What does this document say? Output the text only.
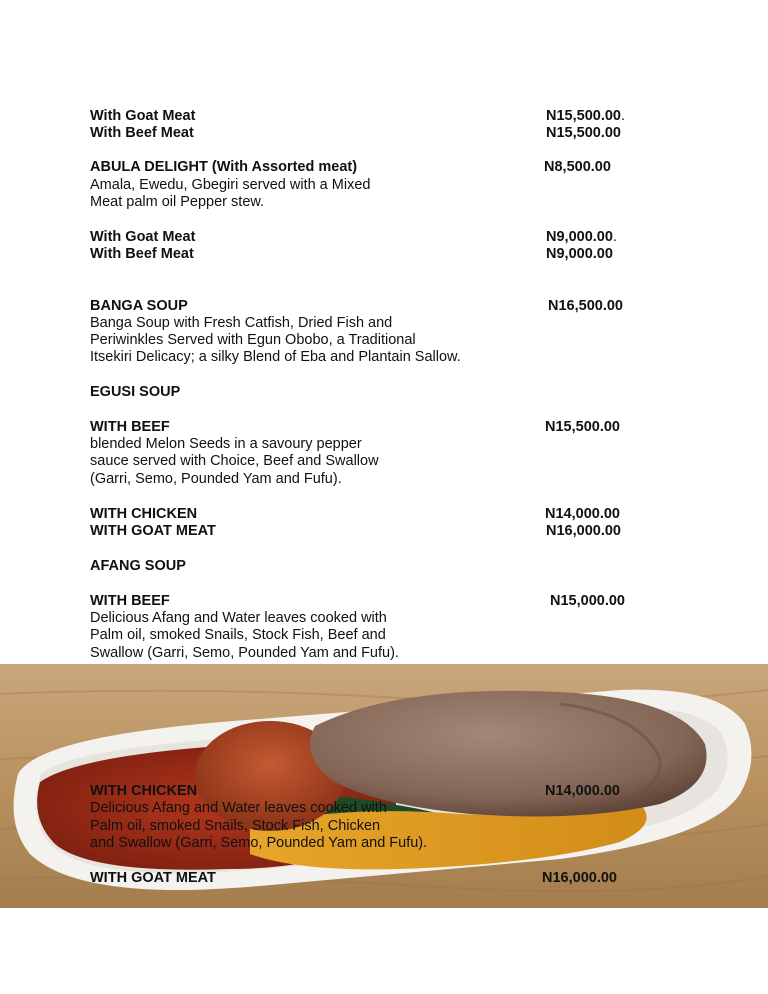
With Goat Meat	N15,500.00.
With Beef Meat	N15,500.00
ABULA DELIGHT (With Assorted meat)	N8,500.00
Amala, Ewedu, Gbegiri served with a Mixed
Meat palm oil Pepper stew.
With Goat Meat	N9,000.00.
With Beef Meat	N9,000.00
BANGA SOUP	N16,500.00
Banga Soup with Fresh Catfish, Dried Fish and
Periwinkles Served with Egun Obobo, a Traditional
Itsekiri Delicacy; a silky Blend of Eba and Plantain Sallow.
EGUSI SOUP
WITH BEEF	N15,500.00
blended Melon Seeds in a savoury pepper
sauce served with Choice, Beef and Swallow
(Garri, Semo, Pounded Yam and Fufu).
WITH CHICKEN	N14,000.00
WITH GOAT MEAT	N16,000.00
AFANG SOUP
WITH BEEF	N15,000.00
Delicious Afang and Water leaves cooked with
Palm oil, smoked Snails, Stock Fish, Beef and
Swallow (Garri, Semo, Pounded Yam and Fufu).
WITH CHICKEN	N14,000.00
Delicious Afang and Water leaves cooked with
Palm oil, smoked Snails, Stock Fish, Chicken
and Swallow (Garri, Semo, Pounded Yam and Fufu).
WITH GOAT MEAT	N16,000.00
